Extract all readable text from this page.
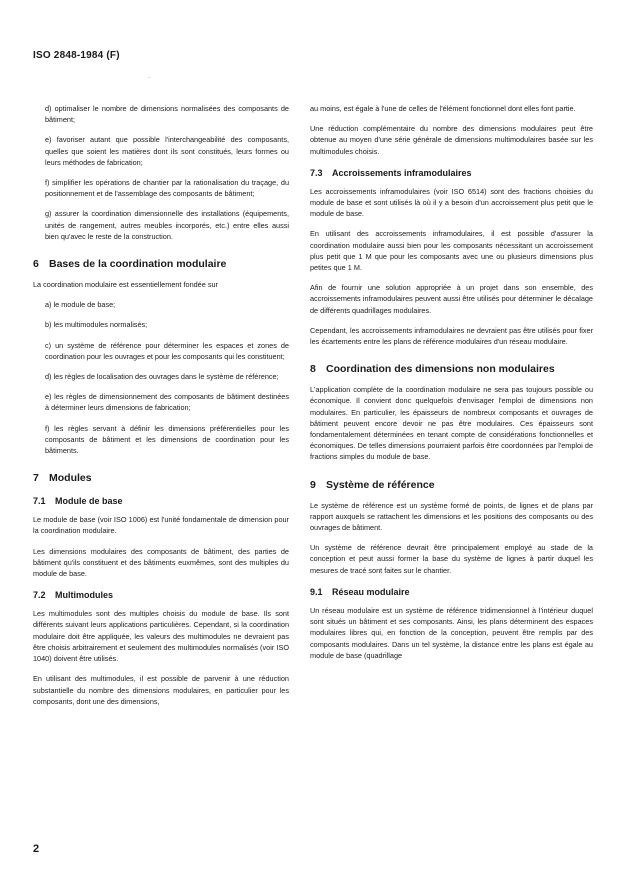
ISO 2848-1984 (F)
.

d) optimaliser le nombre de dimensions normalisées des composants de bâtiment;

e) favoriser autant que possible l'interchangeabilité des composants, quelles que soient les matières dont ils sont constitués, leurs formes ou leurs méthodes de fabrication;

f) simplifier les opérations de chantier par la rationalisation du traçage, du positionnement et de l'assemblage des composants de bâtiment;

g) assurer la coordination dimensionnelle des installations (équipements, unités de rangement, autres meubles incorporés, etc.) entre elles aussi bien qu'avec le reste de la construction.

6 Bases de la coordination modulaire

La coordination modulaire est essentiellement fondée sur

a) le module de base;

b) les multimodules normalisés;

c) un système de référence pour déterminer les espaces et zones de coordination pour les ouvrages et pour les composants qui les constituent;

d) les règles de localisation des ouvrages dans le système de référence;

e) les règles de dimensionnement des composants de bâtiment destinées à déterminer leurs dimensions de fabrication;

f) les règles servant à définir les dimensions préférentielles pour les composants de bâtiment et les dimensions de coordination pour les bâtiments.

7 Modules
7.1 Module de base

Le module de base (voir ISO 1006) est l'unité fondamentale de dimension pour la coordination modulaire.

Les dimensions modulaires des composants de bâtiment, des parties de bâtiment qu'ils constituent et des bâtiments euxmêmes, sont des multiples du module de base.

7.2 Multimodules

Les multimodules sont des multiples choisis du module de base. Ils sont différents suivant leurs applications particulières. Cependant, si la coordination modulaire doit être appliquée, les valeurs des multimodules ne devraient pas être choisis arbitrairement et seulement des multimodules normalisés (voir ISO 1040) doivent être utilisés.

En utilisant des multimodules, il est possible de parvenir à une réduction substantielle du nombre des dimensions modulaires, en particulier pour les composants, dont une des dimensions,

au moins, est égale à l'une de celles de l'élément fonctionnel dont elles font partie.

Une réduction complémentaire du nombre des dimensions modulaires peut être obtenue au moyen d'une série générale de dimensions multimodulaires basée sur les multimodules choisis.

7.3 Accroissements inframodulaires

Les accroissements inframodulaires (voir ISO 6514) sont des fractions choisies du module de base et sont utilisés là où il y a besoin d'un accroissement plus petit que le module de base.

En utilisant des accroissements inframodulaires, il est possible d'assurer la coordination modulaire aussi bien pour les composants nécessitant un accroissement plus petit que 1 M que pour les composants avec une ou plusieurs dimensions plus petites que 1 M.

Afin de fournir une solution appropriée à un projet dans son ensemble, des accroissements inframodulaires peuvent aussi être utilisés pour déterminer le décalage de différents quadrillages modulaires.

Cependant, les accroissements inframodulaires ne devraient pas être utilisés pour fixer les écartements entre les plans de référence modulaires d'un réseau modulaire.

8 Coordination des dimensions non modulaires

L'application complète de la coordination modulaire ne sera pas toujours possible ou économique. Il convient donc quelquefois d'envisager l'emploi de dimensions non modulaires. En particulier, les épaisseurs de nombreux composants et ouvrages de bâtiment peuvent encore devoir ne pas être modulaires. Ces épaisseurs sont fondamentalement déterminées en tenant compte de considérations fonctionnelles et économiques. De telles dimensions pourraient parfois être coordonnées par l'emploi de fractions simples du module de base.

9 Système de référence

Le système de référence est un système formé de points, de lignes et de plans par rapport auxquels se rattachent les dimensions et les positions des composants ou des ouvrages de bâtiment.

Un système de référence devrait être principalement employé au stade de la conception et peut aussi former la base du système de lignes à partir duquel les mesures de tracé sont faites sur le chantier.

9.1 Réseau modulaire

Un réseau modulaire est un système de référence tridimensionnel à l'intérieur duquel sont situés un bâtiment et ses composants. Ainsi, les plans déterminent des espaces modulaires libres qui, en fonction de la conception, peuvent être remplis par des composants modulaires. Dans un tel système, la distance entre les plans est égale au module de base (quadrillage

2
